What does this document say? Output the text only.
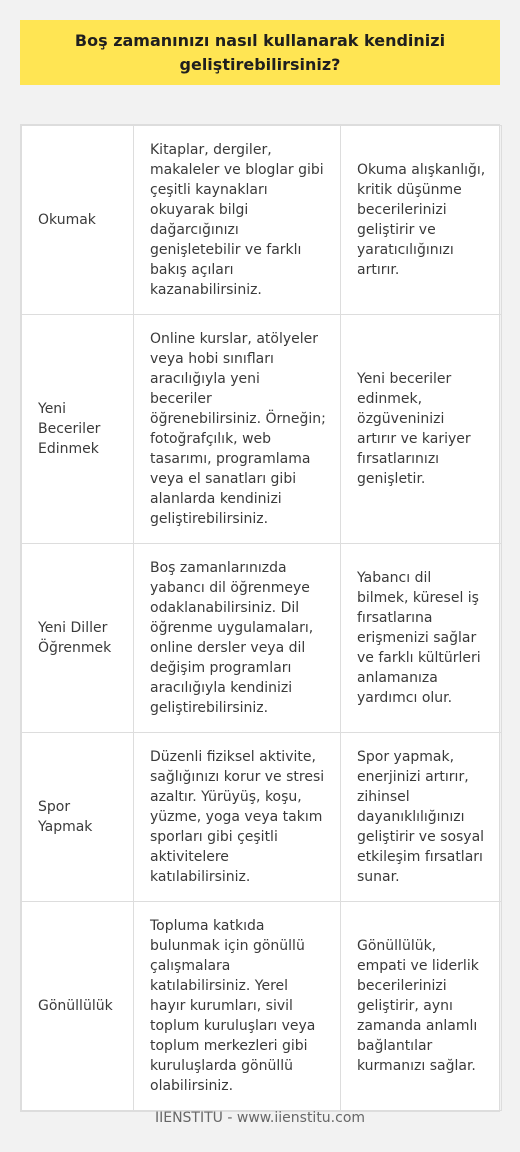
Boş zamanınızı nasıl kullanarak kendinizi geliştirebilirsiniz?
Okumak	Kitaplar, dergiler, makaleler ve bloglar gibi çeşitli kaynakları okuyarak bilgi dağarcığınızı genişletebilir ve farklı bakış açıları kazanabilirsiniz.	Okuma alışkanlığı, kritik düşünme becerilerinizi geliştirir ve yaratıcılığınızı artırır.
Yeni Beceriler Edinmek	Online kurslar, atölyeler veya hobi sınıfları aracılığıyla yeni beceriler öğrenebilirsiniz. Örneğin; fotoğrafçılık, web tasarımı, programlama veya el sanatları gibi alanlarda kendinizi geliştirebilirsiniz.	Yeni beceriler edinmek, özgüveninizi artırır ve kariyer fırsatlarınızı genişletir.
Yeni Diller Öğrenmek	Boş zamanlarınızda yabancı dil öğrenmeye odaklanabilirsiniz. Dil öğrenme uygulamaları, online dersler veya dil değişim programları aracılığıyla kendinizi geliştirebilirsiniz.	Yabancı dil bilmek, küresel iş fırsatlarına erişmenizi sağlar ve farklı kültürleri anlamanıza yardımcı olur.
Spor Yapmak	Düzenli fiziksel aktivite, sağlığınızı korur ve stresi azaltır. Yürüyüş, koşu, yüzme, yoga veya takım sporları gibi çeşitli aktivitelere katılabilirsiniz.	Spor yapmak, enerjinizi artırır, zihinsel dayanıklılığınızı geliştirir ve sosyal etkileşim fırsatları sunar.
Gönüllülük	Topluma katkıda bulunmak için gönüllü çalışmalara katılabilirsiniz. Yerel hayır kurumları, sivil toplum kuruluşları veya toplum merkezleri gibi kuruluşlarda gönüllü olabilirsiniz.	Gönüllülük, empati ve liderlik becerilerinizi geliştirir, aynı zamanda anlamlı bağlantılar kurmanızı sağlar.
IIENSTITU - www.iienstitu.com
